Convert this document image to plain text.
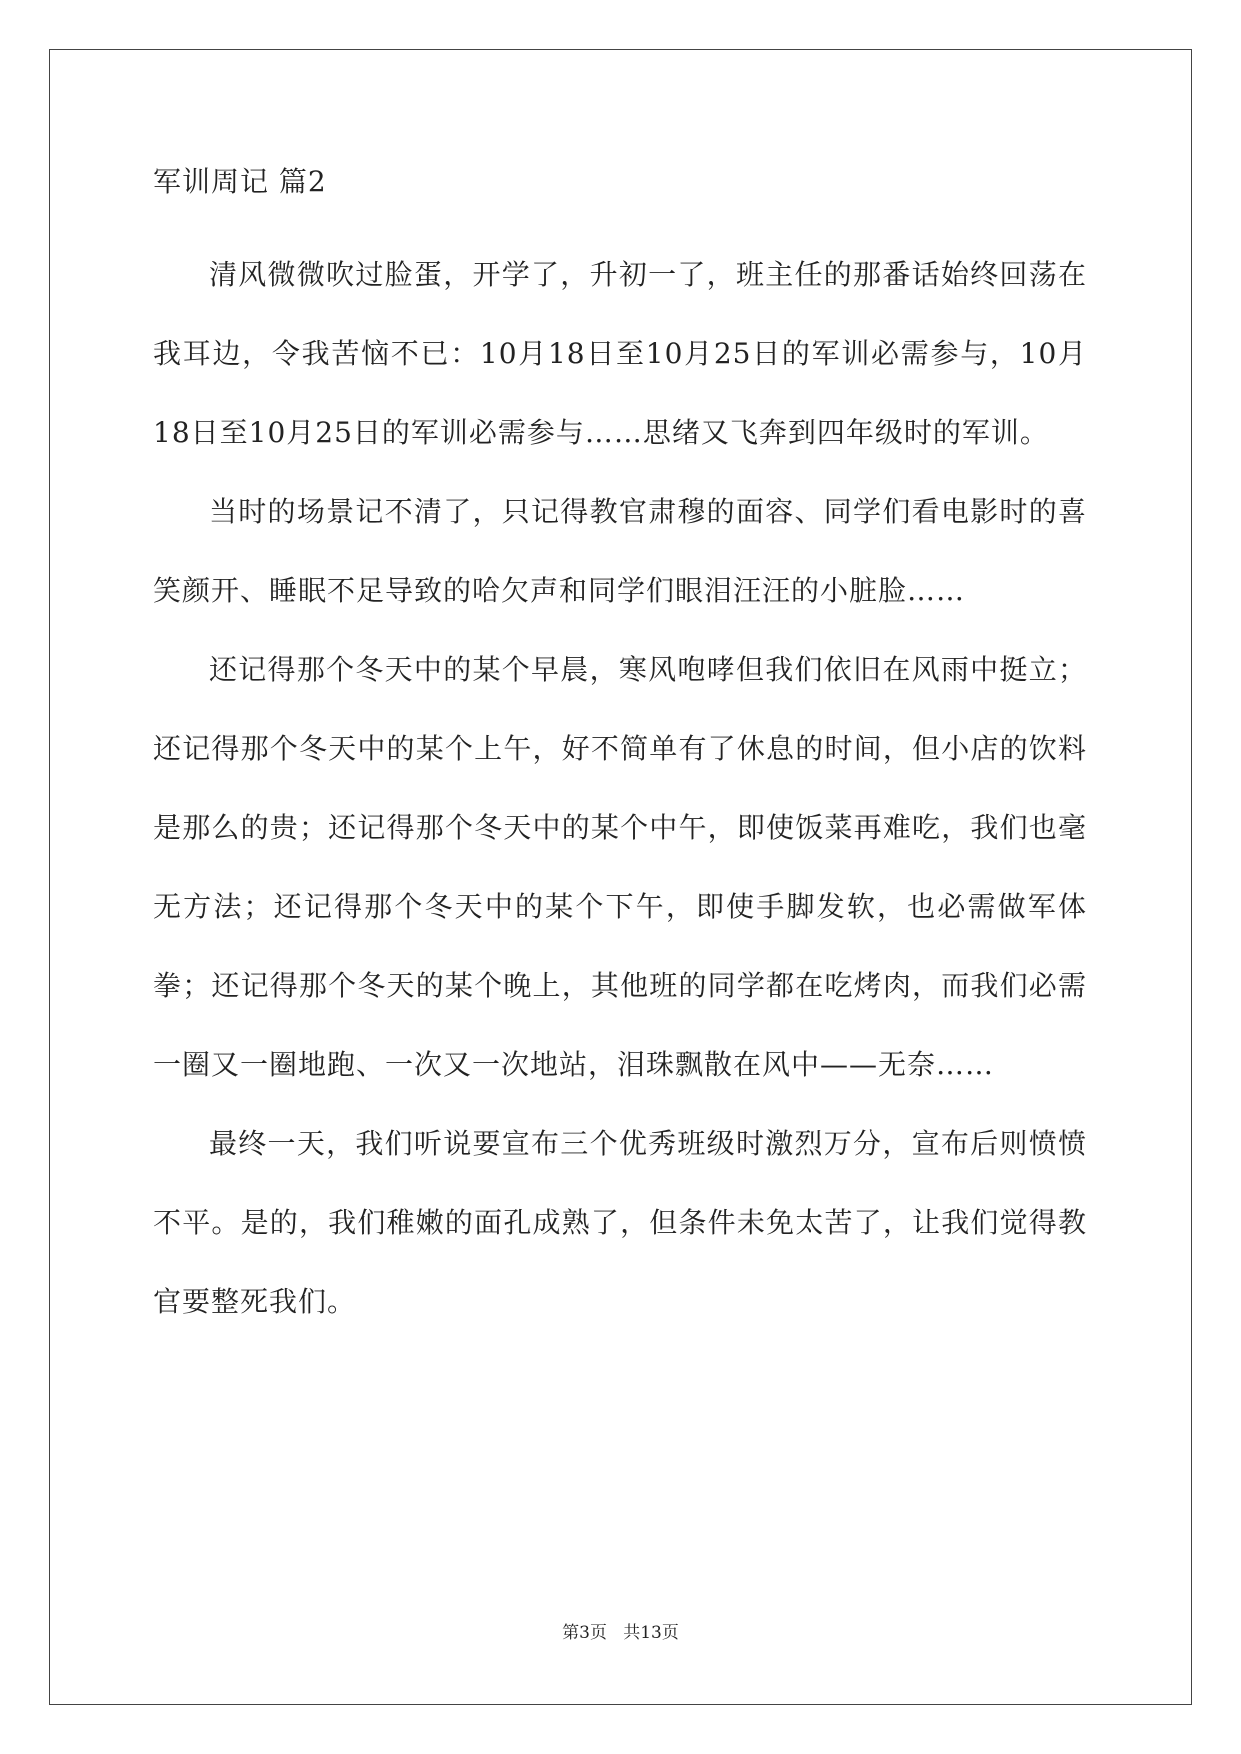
军训周记 篇2

清风微微吹过脸蛋，开学了，升初一了，班主任的那番话始终回荡在我耳边，令我苦恼不已：10月18日至10月25日的军训必需参与，10月18日至10月25日的军训必需参与……思绪又飞奔到四年级时的军训。

当时的场景记不清了，只记得教官肃穆的面容、同学们看电影时的喜笑颜开、睡眠不足导致的哈欠声和同学们眼泪汪汪的小脏脸……

还记得那个冬天中的某个早晨，寒风咆哮但我们依旧在风雨中挺立；还记得那个冬天中的某个上午，好不简单有了休息的时间，但小店的饮料是那么的贵；还记得那个冬天中的某个中午，即使饭菜再难吃，我们也毫无方法；还记得那个冬天中的某个下午，即使手脚发软，也必需做军体拳；还记得那个冬天的某个晚上，其他班的同学都在吃烤肉，而我们必需一圈又一圈地跑、一次又一次地站，泪珠飘散在风中——无奈……

最终一天，我们听说要宣布三个优秀班级时激烈万分，宣布后则愤愤不平。是的，我们稚嫩的面孔成熟了，但条件未免太苦了，让我们觉得教官要整死我们。

第3页 共13页
